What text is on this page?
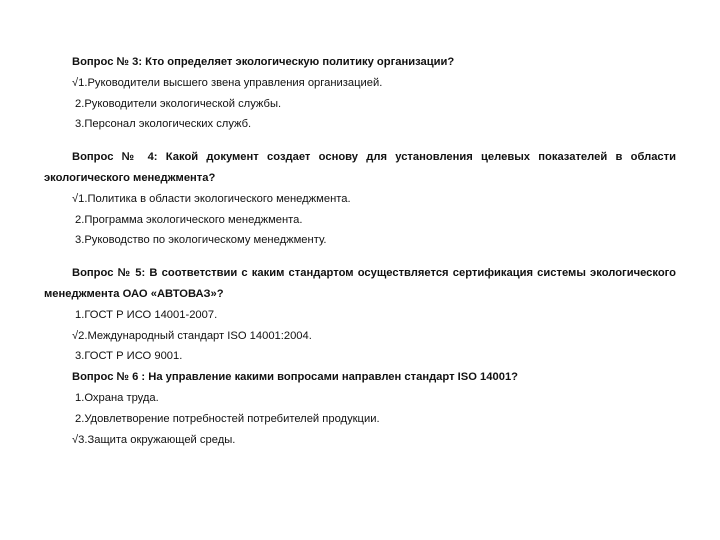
Вопрос № 3: Кто определяет экологическую политику организации?
√1.Руководители высшего звена управления организацией.
2.Руководители экологической службы.
3.Персонал экологических служб.
Вопрос № 4: Какой документ создает основу для установления целевых показателей в области экологического менеджмента?
√1.Политика в области экологического менеджмента.
2.Программа экологического менеджмента.
3.Руководство по экологическому менеджменту.
Вопрос № 5: В соответствии с каким стандартом осуществляется сертификация системы экологического менеджмента ОАО «АВТОВАЗ»?
1.ГОСТ Р ИСО 14001-2007.
√2.Международный стандарт ISO 14001:2004.
3.ГОСТ Р ИСО 9001.
Вопрос № 6 : На управление какими вопросами направлен стандарт ISO 14001?
1.Охрана труда.
2.Удовлетворение потребностей потребителей продукции.
√3.Защита окружающей среды.
